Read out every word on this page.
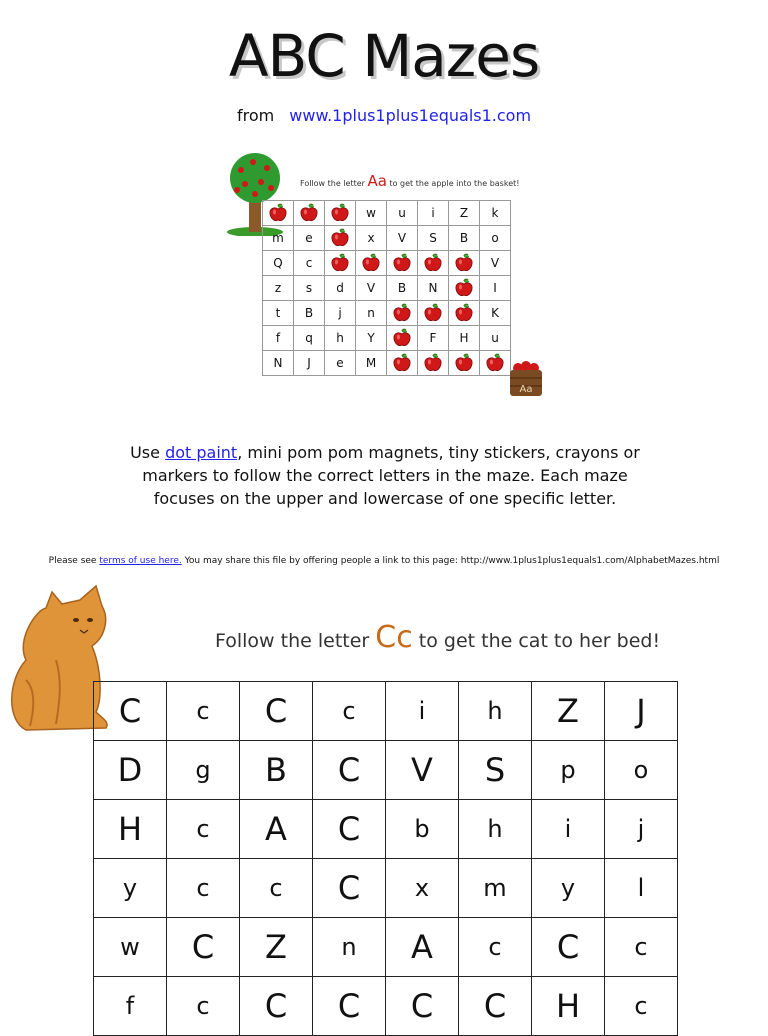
ABC Mazes
from www.1plus1plus1equals1.com
Follow the letter Aa to get the apple into the basket!
			w	u	i	Z	k
m	e		x	V	S	B	o
Q	c						V
z	s	d	V	B	N		I
t	B	j	n				K
f	q	h	Y		F	H	u
N	J	e	M				
Aa
Use dot paint, mini pom pom magnets, tiny stickers, crayons or markers to follow the correct letters in the maze. Each maze focuses on the upper and lowercase of one specific letter.
Please see terms of use here. You may share this file by offering people a link to this page: http://www.1plus1plus1equals1.com/AlphabetMazes.html
Follow the letter Cc to get the cat to her bed!
C	c	C	c	i	h	Z	J
D	g	B	C	V	S	p	o
H	c	A	C	b	h	i	j
y	c	c	C	x	m	y	l
w	C	Z	n	A	c	C	c
f	c	C	C	C	C	H	c
